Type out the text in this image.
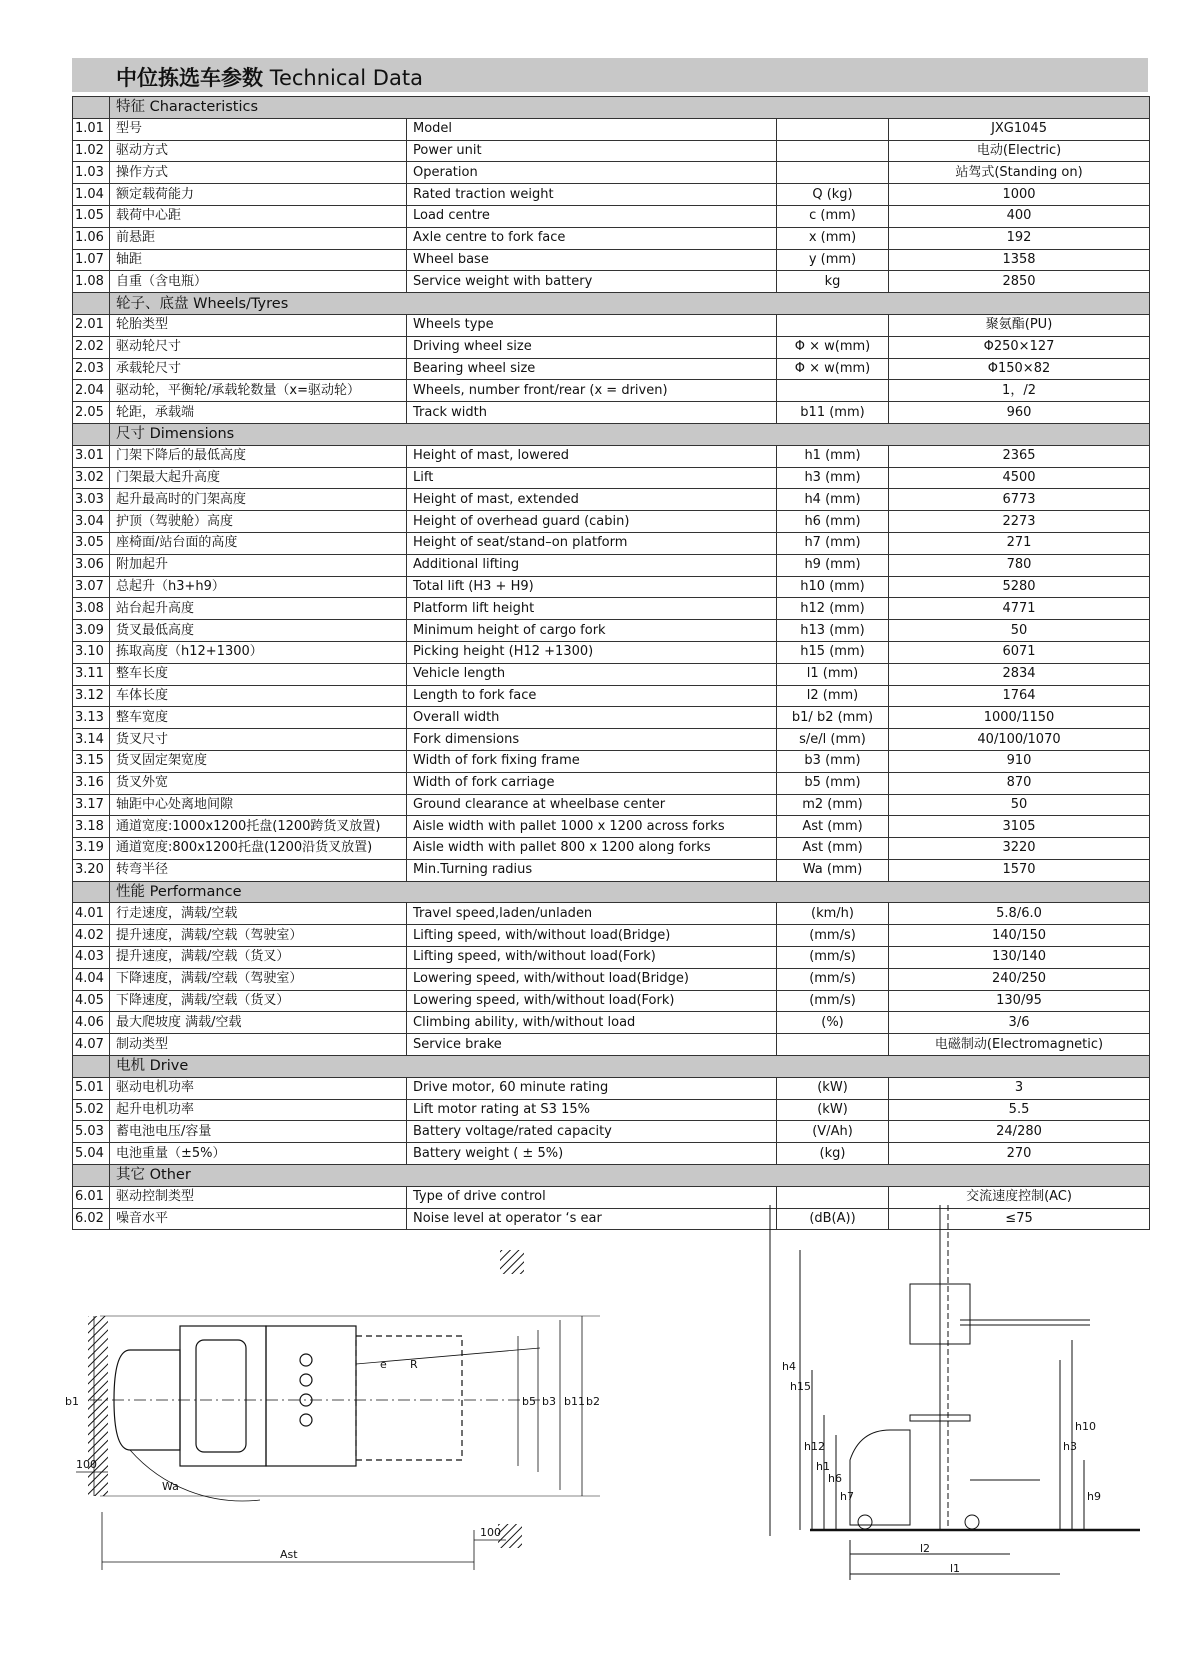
中位拣选车参数 Technical Data
	特征 Characteristics			
1.01	型号	Model		JXG1045
1.02	驱动方式	Power unit		电动(Electric)
1.03	操作方式	Operation		站驾式(Standing on)
1.04	额定载荷能力	Rated traction weight	Q (kg)	1000
1.05	载荷中心距	Load centre	c (mm)	400
1.06	前悬距	Axle centre to fork face	x (mm)	192
1.07	轴距	Wheel base	y (mm)	1358
1.08	自重（含电瓶）	Service weight with battery	kg	2850
	轮子、底盘 Wheels/Tyres			
2.01	轮胎类型	Wheels type		聚氨酯(PU)
2.02	驱动轮尺寸	Driving wheel size	Φ × w(mm)	Φ250×127
2.03	承载轮尺寸	Bearing wheel size	Φ × w(mm)	Φ150×82
2.04	驱动轮，平衡轮/承载轮数量（x=驱动轮）	Wheels, number front/rear (x = driven)		1，/2
2.05	轮距，承载端	Track width	b11 (mm)	960
	尺寸 Dimensions			
3.01	门架下降后的最低高度	Height of mast, lowered	h1 (mm)	2365
3.02	门架最大起升高度	Lift	h3 (mm)	4500
3.03	起升最高时的门架高度	Height of mast, extended	h4 (mm)	6773
3.04	护顶（驾驶舱）高度	Height of overhead guard (cabin)	h6 (mm)	2273
3.05	座椅面/站台面的高度	Height of seat/stand–on platform	h7 (mm)	271
3.06	附加起升	Additional lifting	h9 (mm)	780
3.07	总起升（h3+h9）	Total lift (H3 + H9)	h10 (mm)	5280
3.08	站台起升高度	Platform lift height	h12 (mm)	4771
3.09	货叉最低高度	Minimum height of cargo fork	h13 (mm)	50
3.10	拣取高度（h12+1300）	Picking height (H12 +1300)	h15 (mm)	6071
3.11	整车长度	Vehicle length	l1 (mm)	2834
3.12	车体长度	Length to fork face	l2 (mm)	1764
3.13	整车宽度	Overall width	b1/ b2 (mm)	1000/1150
3.14	货叉尺寸	Fork dimensions	s/e/l (mm)	40/100/1070
3.15	货叉固定架宽度	Width of fork fixing frame	b3 (mm)	910
3.16	货叉外宽	Width of fork carriage	b5 (mm)	870
3.17	轴距中心处离地间隙	Ground clearance at wheelbase center	m2 (mm)	50
3.18	通道宽度:1000x1200托盘(1200跨货叉放置)	Aisle width with pallet 1000 x 1200 across forks	Ast (mm)	3105
3.19	通道宽度:800x1200托盘(1200沿货叉放置)	Aisle width with pallet 800 x 1200 along forks	Ast (mm)	3220
3.20	转弯半径	Min.Turning radius	Wa (mm)	1570
	性能 Performance			
4.01	行走速度，满载/空载	Travel speed,laden/unladen	(km/h)	5.8/6.0
4.02	提升速度，满载/空载（驾驶室）	Lifting speed, with/without load(Bridge)	(mm/s)	140/150
4.03	提升速度，满载/空载（货叉）	Lifting speed, with/without load(Fork)	(mm/s)	130/140
4.04	下降速度，满载/空载（驾驶室）	Lowering speed, with/without load(Bridge)	(mm/s)	240/250
4.05	下降速度，满载/空载（货叉）	Lowering speed, with/without load(Fork)	(mm/s)	130/95
4.06	最大爬坡度 满载/空载	Climbing ability, with/without load	(%)	3/6
4.07	制动类型	Service brake		电磁制动(Electromagnetic)
	电机 Drive			
5.01	驱动电机功率	Drive motor, 60 minute rating	(kW)	3
5.02	起升电机功率	Lift motor rating at S3 15%	(kW)	5.5
5.03	蓄电池电压/容量	Battery voltage/rated capacity	(V/Ah)	24/280
5.04	电池重量（±5%）	Battery weight ( ± 5%)	(kg)	270
	其它 Other			
6.01	驱动控制类型	Type of drive control		交流速度控制(AC)
6.02	噪音水平	Noise level at operator ‘s ear	(dB(A))	≤75
b1	b5 b3 b11 b2
Wa
R
e
Ast
100
100
h4
h15
h12
h1
h6
h7
h3
h10
h9
l2
l1
